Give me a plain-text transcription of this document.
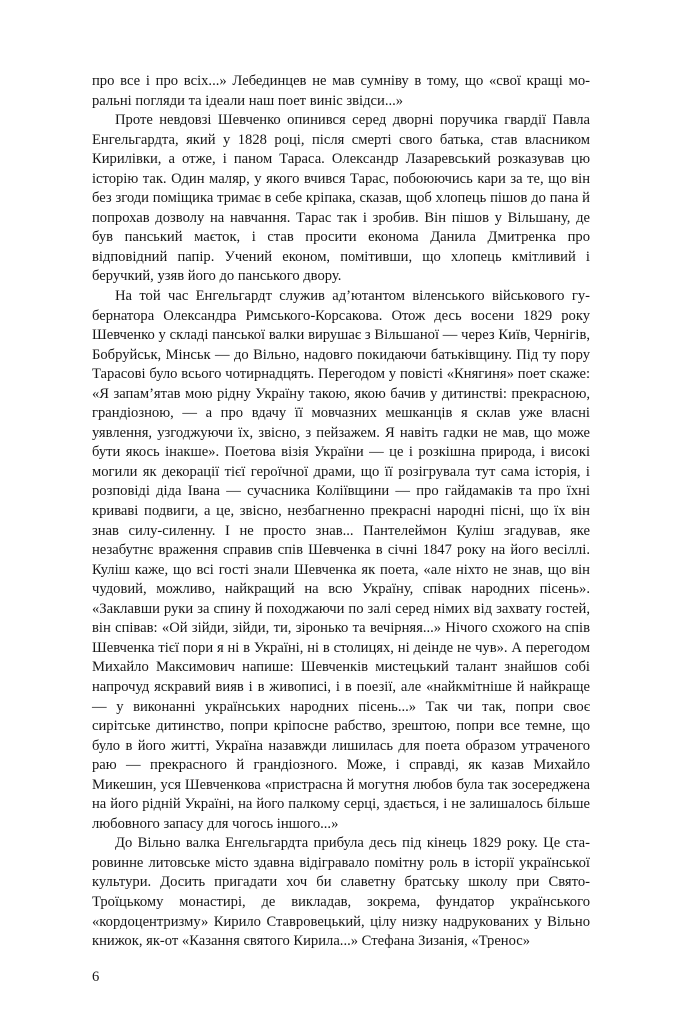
про все і про всіх...» Лебединцев не мав сумніву в тому, що «свої кращі моральні погляди та ідеали наш поет виніс звідси...»

Проте невдовзі Шевченко опинився серед дворні поручика гвардії Павла Енгельгардта, який у 1828 році, після смерті свого батька, став власником Кирилівки, а отже, і паном Тараса. Олександр Лазаревський розказував цю історію так. Один маляр, у якого вчився Тарас, побоюючись кари за те, що він без згоди поміщика тримає в себе кріпака, сказав, щоб хлопець пішов до пана й попрохав дозволу на навчання. Тарас так і зробив. Він пішов у Вільшану, де був панський маєток, і став просити економа Данила Дмитренка про відповідний папір. Учений економ, помітивши, що хлопець кмітливий і беручкий, узяв його до панського двору.

На той час Енгельгардт служив ад’ютантом віленського військового губернатора Олександра Римського-Корсакова. Отож десь восени 1829 року Шевченко у складі панської валки вирушає з Вільшаної — через Київ, Чернігів, Бобруйськ, Мінськ — до Вільно, надовго покидаючи батьківщину. Під ту пору Тарасові було всього чотирнадцять. Перегодом у повісті «Княгиня» поет скаже: «Я запам’ятав мою рідну Україну такою, якою бачив у дитинстві: прекрасною, грандіозною, — а про вдачу її мовчазних мешканців я склав уже власні уявлення, узгоджуючи їх, звісно, з пейзажем. Я навіть гадки не мав, що може бути якось інакше». Поетова візія України — це і розкішна природа, і високі могили як декорації тієї героїчної драми, що її розігрувала тут сама історія, і розповіді діда Івана — сучасника Коліївщини — про гайдамаків та про їхні криваві подвиги, а це, звісно, незбагненно прекрасні народні пісні, що їх він знав силу-силенну. І не просто знав... Пантелеймон Куліш згадував, яке незабутнє враження справив спів Шевченка в січні 1847 року на його весіллі. Куліш каже, що всі гості знали Шевченка як поета, «але ніхто не знав, що він чудовий, можливо, найкращий на всю Україну, співак народних пісень». «Заклавши руки за спину й походжаючи по залі серед німих від захвату гостей, він співав: «Ой зійди, зійди, ти, зіронько та вечірняя...» Нічого схожого на спів Шевченка тієї пори я ні в Україні, ні в столицях, ні деінде не чув». А перегодом Михайло Максимович напише: Шевченків мистецький талант знайшов собі напрочуд яскравий вияв і в живописі, і в поезії, але «найкмітніше й найкраще — у виконанні українських народних пісень...» Так чи так, попри своє сирітське дитинство, попри кріпосне рабство, зрештою, попри все темне, що було в його житті, Україна назавжди лишилась для поета образом утраченого раю — прекрасного й грандіозного. Може, і справді, як казав Михайло Микешин, уся Шевченкова «пристрасна й могутня любов була так зосереджена на його рідній Україні, на його палкому серці, здається, і не залишалось більше любовного запасу для чогось іншого...»

До Вільно валка Енгельгардта прибула десь під кінець 1829 року. Це старовинне литовське місто здавна відігравало помітну роль в історії української культури. Досить пригадати хоч би славетну братську школу при Свято-Троїцькому монастирі, де викладав, зокрема, фундатор українського «кордоцентризму» Кирило Ставровецький, цілу низку надрукованих у Вільно книжок, як-от «Казання святого Кирила...» Стефана Зизанія, «Тренос»

6
